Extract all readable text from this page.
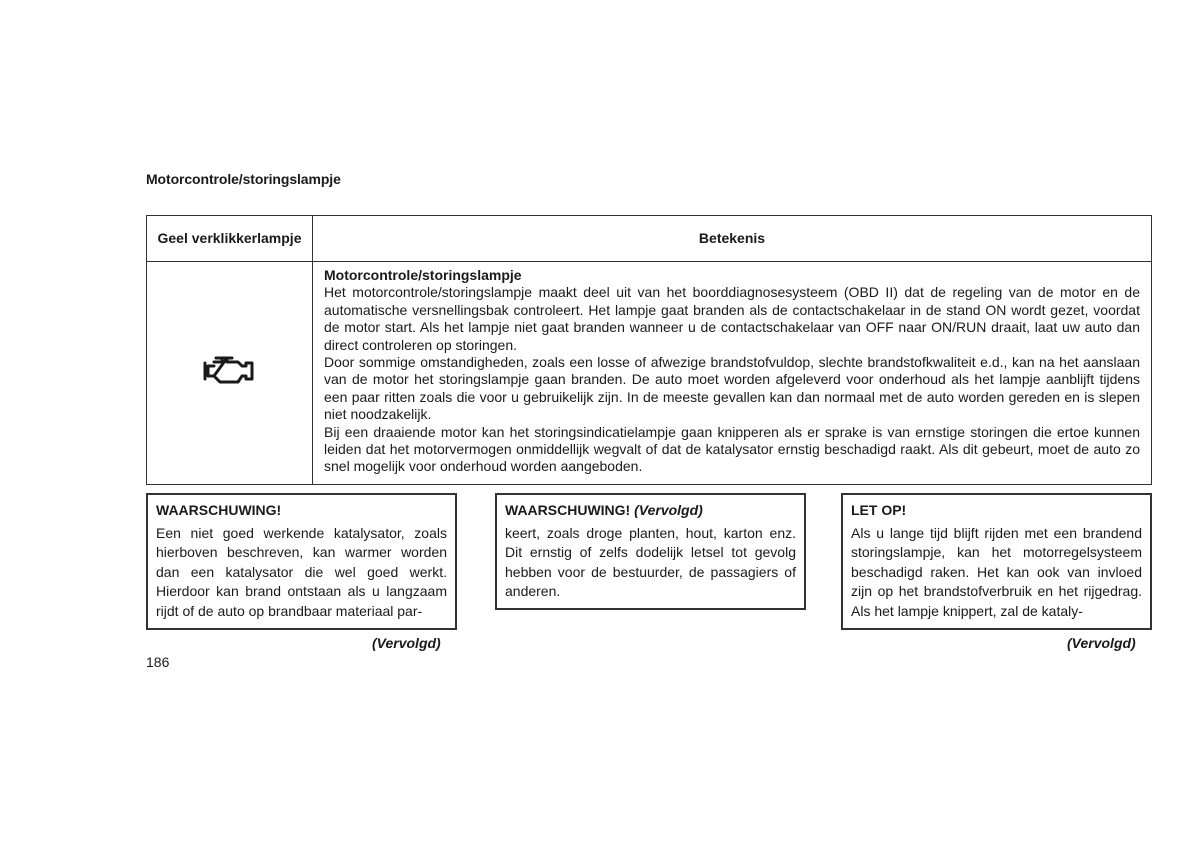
Motorcontrole/storingslampje
Geel verklikkerlampje	Betekenis

Motorcontrole/storingslampje
Het motorcontrole/storingslampje maakt deel uit van het boorddiagnosesysteem (OBD II) dat de regeling van de motor en de automatische versnellingsbak controleert. Het lampje gaat branden als de contactschakelaar in de stand ON wordt gezet, voordat de motor start. Als het lampje niet gaat branden wanneer u de contactschakelaar van OFF naar ON/RUN draait, laat uw auto dan direct controleren op storingen.
Door sommige omstandigheden, zoals een losse of afwezige brandstofvuldop, slechte brandstofkwaliteit e.d., kan na het aanslaan van de motor het storingslampje gaan branden. De auto moet worden afgeleverd voor onderhoud als het lampje aanblijft tijdens een paar ritten zoals die voor u gebruikelijk zijn. In de meeste gevallen kan dan normaal met de auto worden gereden en is slepen niet noodzakelijk.
Bij een draaiende motor kan het storingsindicatielampje gaan knipperen als er sprake is van ernstige storingen die ertoe kunnen leiden dat het motorvermogen onmiddellijk wegvalt of dat de katalysator ernstig beschadigd raakt. Als dit gebeurt, moet de auto zo snel mogelijk voor onderhoud worden aangeboden.
WAARSCHUWING!
Een niet goed werkende katalysator, zoals hierboven beschreven, kan warmer worden dan een katalysator die wel goed werkt. Hierdoor kan brand ontstaan als u langzaam rijdt of de auto op brandbaar materiaal par-
WAARSCHUWING! (Vervolgd)
keert, zoals droge planten, hout, karton enz. Dit ernstig of zelfs dodelijk letsel tot gevolg hebben voor de bestuurder, de passagiers of anderen.
LET OP!
Als u lange tijd blijft rijden met een brandend storingslampje, kan het motorregelsysteem beschadigd raken. Het kan ook van invloed zijn op het brandstofverbruik en het rijgedrag. Als het lampje knippert, zal de kataly-
(Vervolgd)	(Vervolgd)
186
